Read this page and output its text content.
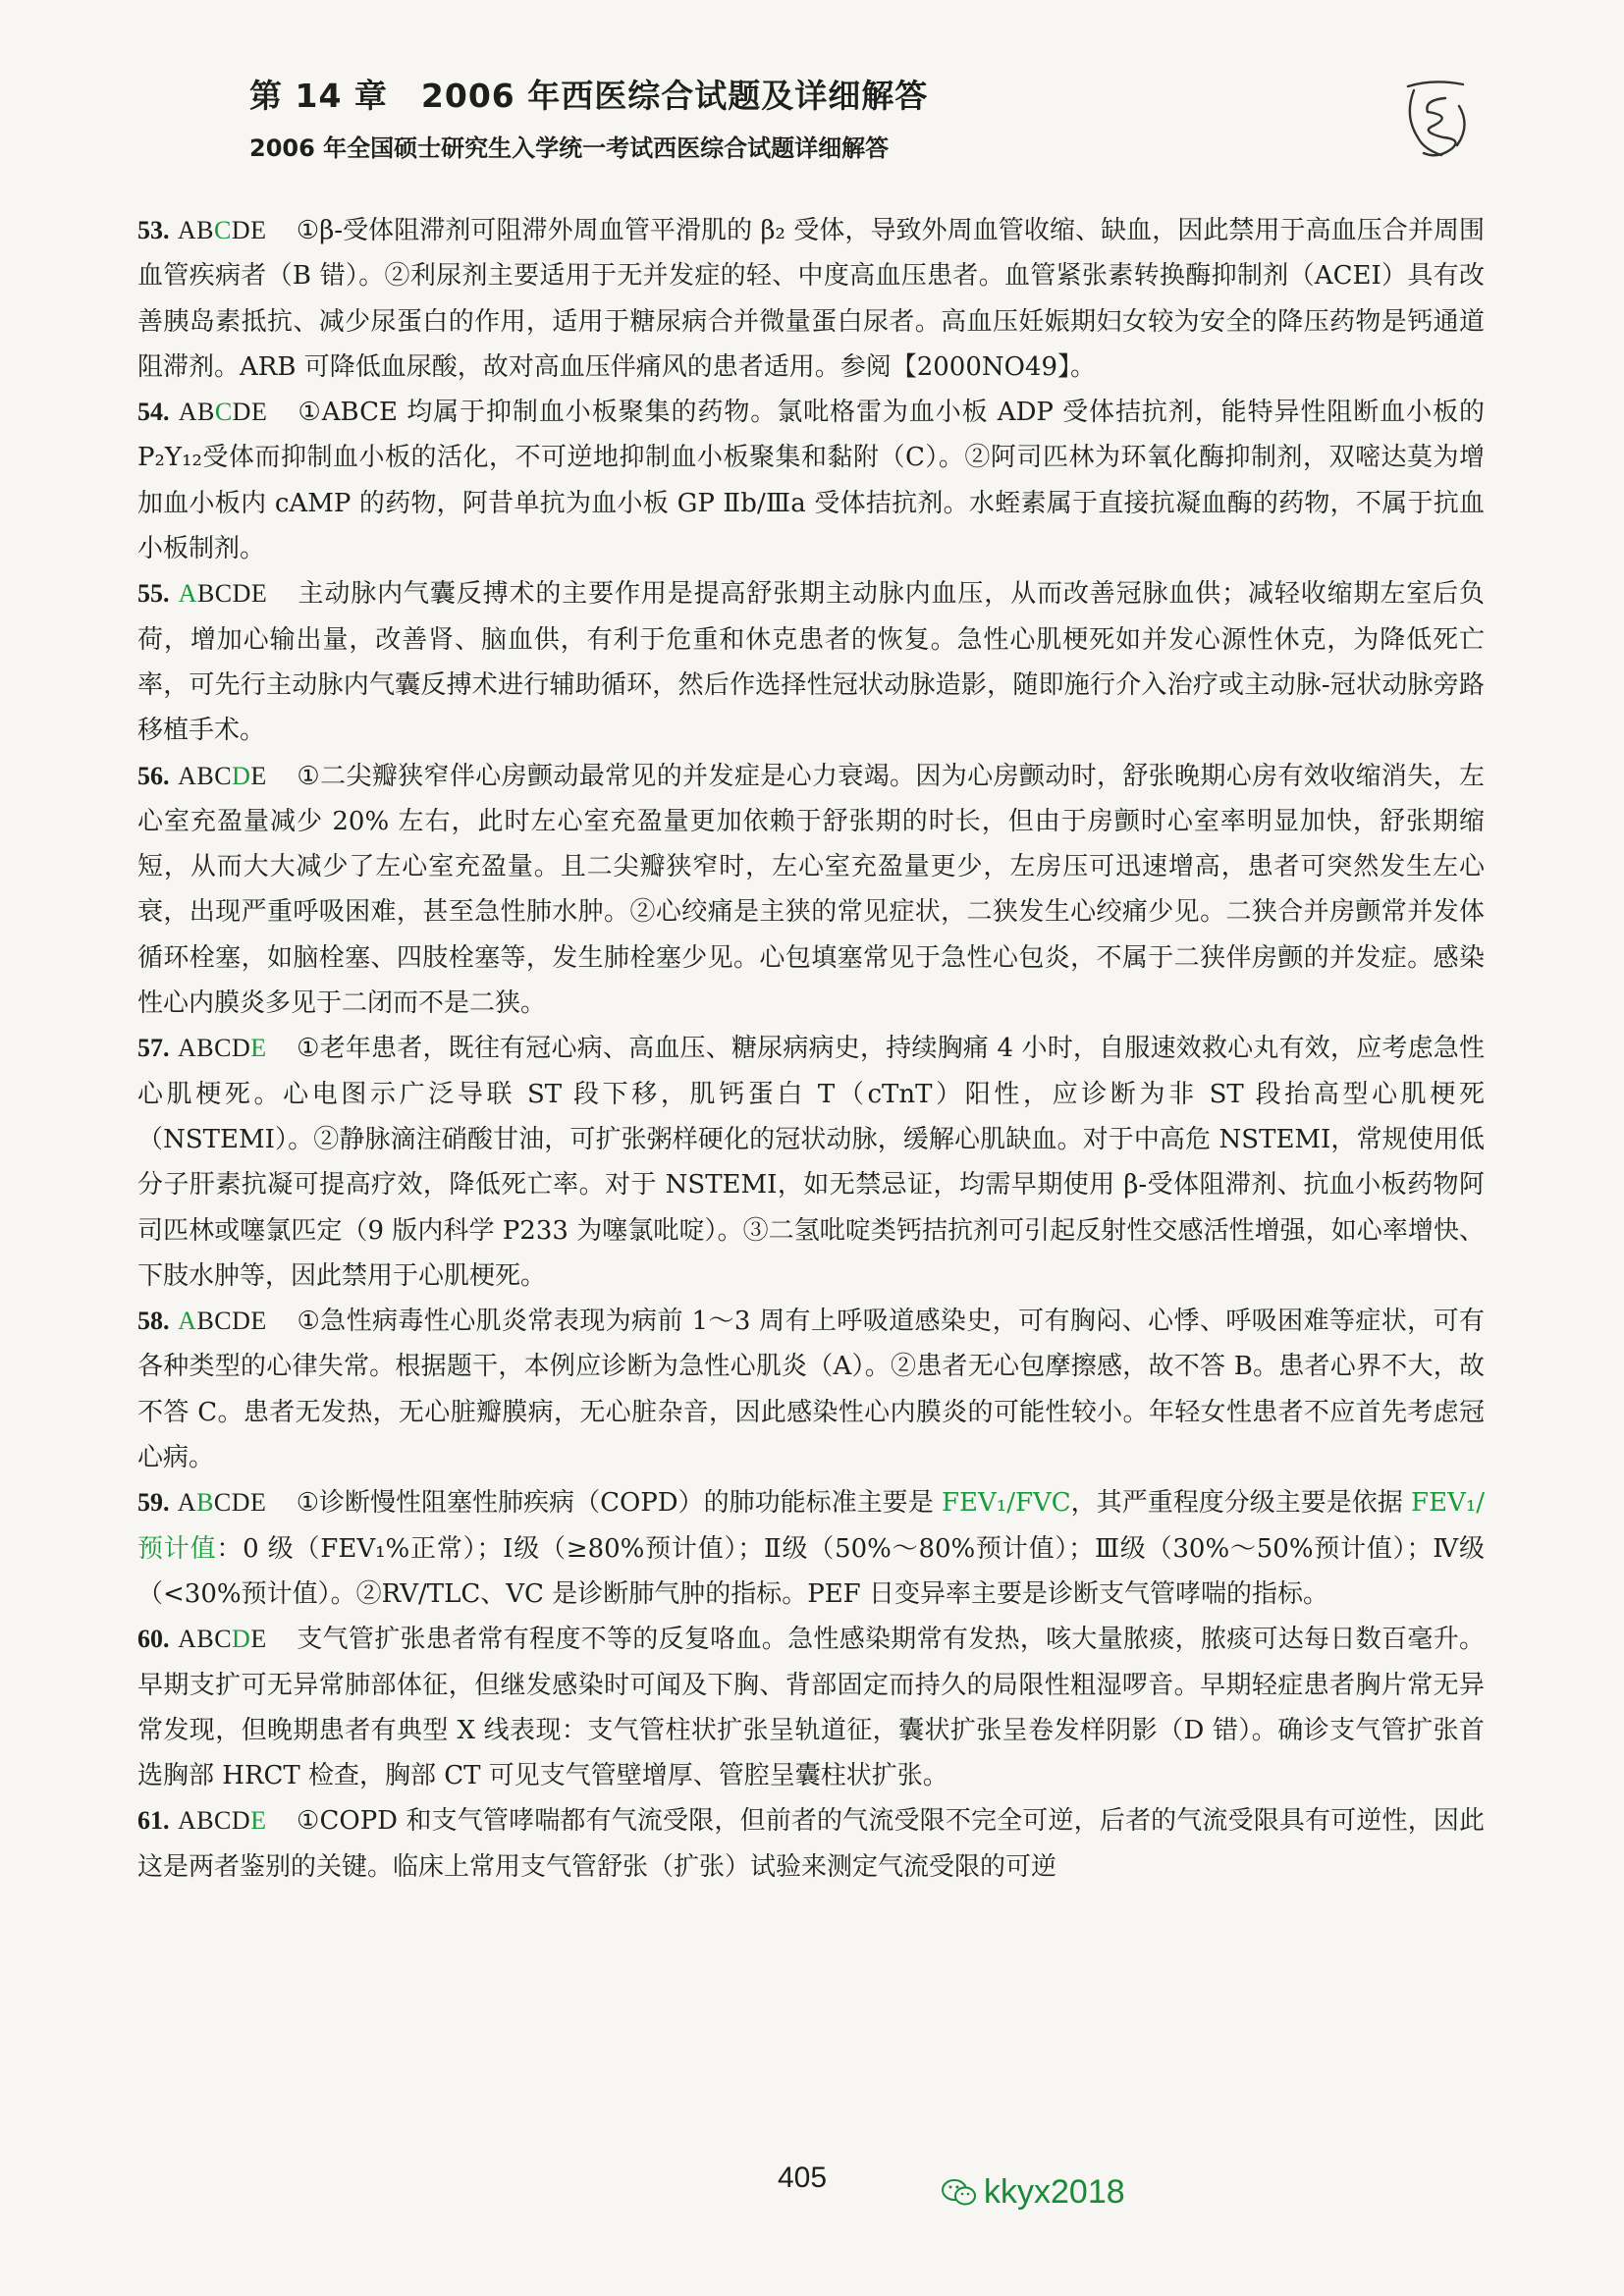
第 14 章　2006 年西医综合试题及详细解答
2006 年全国硕士研究生入学统一考试西医综合试题详细解答
53. ABCDE ①β-受体阻滞剂可阻滞外周血管平滑肌的 β₂ 受体，导致外周血管收缩、缺血，因此禁用于高血压合并周围血管疾病者（B 错）。②利尿剂主要适用于无并发症的轻、中度高血压患者。血管紧张素转换酶抑制剂（ACEI）具有改善胰岛素抵抗、减少尿蛋白的作用，适用于糖尿病合并微量蛋白尿者。高血压妊娠期妇女较为安全的降压药物是钙通道阻滞剂。ARB 可降低血尿酸，故对高血压伴痛风的患者适用。参阅【2000NO49】。
54. ABCDE ①ABCE 均属于抑制血小板聚集的药物。氯吡格雷为血小板 ADP 受体拮抗剂，能特异性阻断血小板的 P₂Y₁₂受体而抑制血小板的活化，不可逆地抑制血小板聚集和黏附（C）。②阿司匹林为环氧化酶抑制剂，双嘧达莫为增加血小板内 cAMP 的药物，阿昔单抗为血小板 GP Ⅱb/Ⅲa 受体拮抗剂。水蛭素属于直接抗凝血酶的药物，不属于抗血小板制剂。
55. ABCDE 主动脉内气囊反搏术的主要作用是提高舒张期主动脉内血压，从而改善冠脉血供；减轻收缩期左室后负荷，增加心输出量，改善肾、脑血供，有利于危重和休克患者的恢复。急性心肌梗死如并发心源性休克，为降低死亡率，可先行主动脉内气囊反搏术进行辅助循环，然后作选择性冠状动脉造影，随即施行介入治疗或主动脉-冠状动脉旁路移植手术。
56. ABCDE ①二尖瓣狭窄伴心房颤动最常见的并发症是心力衰竭。因为心房颤动时，舒张晚期心房有效收缩消失，左心室充盈量减少 20% 左右，此时左心室充盈量更加依赖于舒张期的时长，但由于房颤时心室率明显加快，舒张期缩短，从而大大减少了左心室充盈量。且二尖瓣狭窄时，左心室充盈量更少，左房压可迅速增高，患者可突然发生左心衰，出现严重呼吸困难，甚至急性肺水肿。②心绞痛是主狭的常见症状，二狭发生心绞痛少见。二狭合并房颤常并发体循环栓塞，如脑栓塞、四肢栓塞等，发生肺栓塞少见。心包填塞常见于急性心包炎，不属于二狭伴房颤的并发症。感染性心内膜炎多见于二闭而不是二狭。
57. ABCDE ①老年患者，既往有冠心病、高血压、糖尿病病史，持续胸痛 4 小时，自服速效救心丸有效，应考虑急性心肌梗死。心电图示广泛导联 ST 段下移，肌钙蛋白 T（cTnT）阳性，应诊断为非 ST 段抬高型心肌梗死（NSTEMI）。②静脉滴注硝酸甘油，可扩张粥样硬化的冠状动脉，缓解心肌缺血。对于中高危 NSTEMI，常规使用低分子肝素抗凝可提高疗效，降低死亡率。对于 NSTEMI，如无禁忌证，均需早期使用 β-受体阻滞剂、抗血小板药物阿司匹林或噻氯匹定（9 版内科学 P233 为噻氯吡啶）。③二氢吡啶类钙拮抗剂可引起反射性交感活性增强，如心率增快、下肢水肿等，因此禁用于心肌梗死。
58. ABCDE ①急性病毒性心肌炎常表现为病前 1～3 周有上呼吸道感染史，可有胸闷、心悸、呼吸困难等症状，可有各种类型的心律失常。根据题干，本例应诊断为急性心肌炎（A）。②患者无心包摩擦感，故不答 B。患者心界不大，故不答 C。患者无发热，无心脏瓣膜病，无心脏杂音，因此感染性心内膜炎的可能性较小。年轻女性患者不应首先考虑冠心病。
59. ABCDE ①诊断慢性阻塞性肺疾病（COPD）的肺功能标准主要是 FEV₁/FVC，其严重程度分级主要是依据 FEV₁/预计值：0 级（FEV₁%正常）；Ⅰ级（≥80%预计值）；Ⅱ级（50%～80%预计值）；Ⅲ级（30%～50%预计值）；Ⅳ级（<30%预计值）。②RV/TLC、VC 是诊断肺气肿的指标。PEF 日变异率主要是诊断支气管哮喘的指标。
60. ABCDE 支气管扩张患者常有程度不等的反复咯血。急性感染期常有发热，咳大量脓痰，脓痰可达每日数百毫升。早期支扩可无异常肺部体征，但继发感染时可闻及下胸、背部固定而持久的局限性粗湿啰音。早期轻症患者胸片常无异常发现，但晚期患者有典型 X 线表现：支气管柱状扩张呈轨道征，囊状扩张呈卷发样阴影（D 错）。确诊支气管扩张首选胸部 HRCT 检查，胸部 CT 可见支气管壁增厚、管腔呈囊柱状扩张。
61. ABCDE ①COPD 和支气管哮喘都有气流受限，但前者的气流受限不完全可逆，后者的气流受限具有可逆性，因此这是两者鉴别的关键。临床上常用支气管舒张（扩张）试验来测定气流受限的可逆
405	kkyx2018
